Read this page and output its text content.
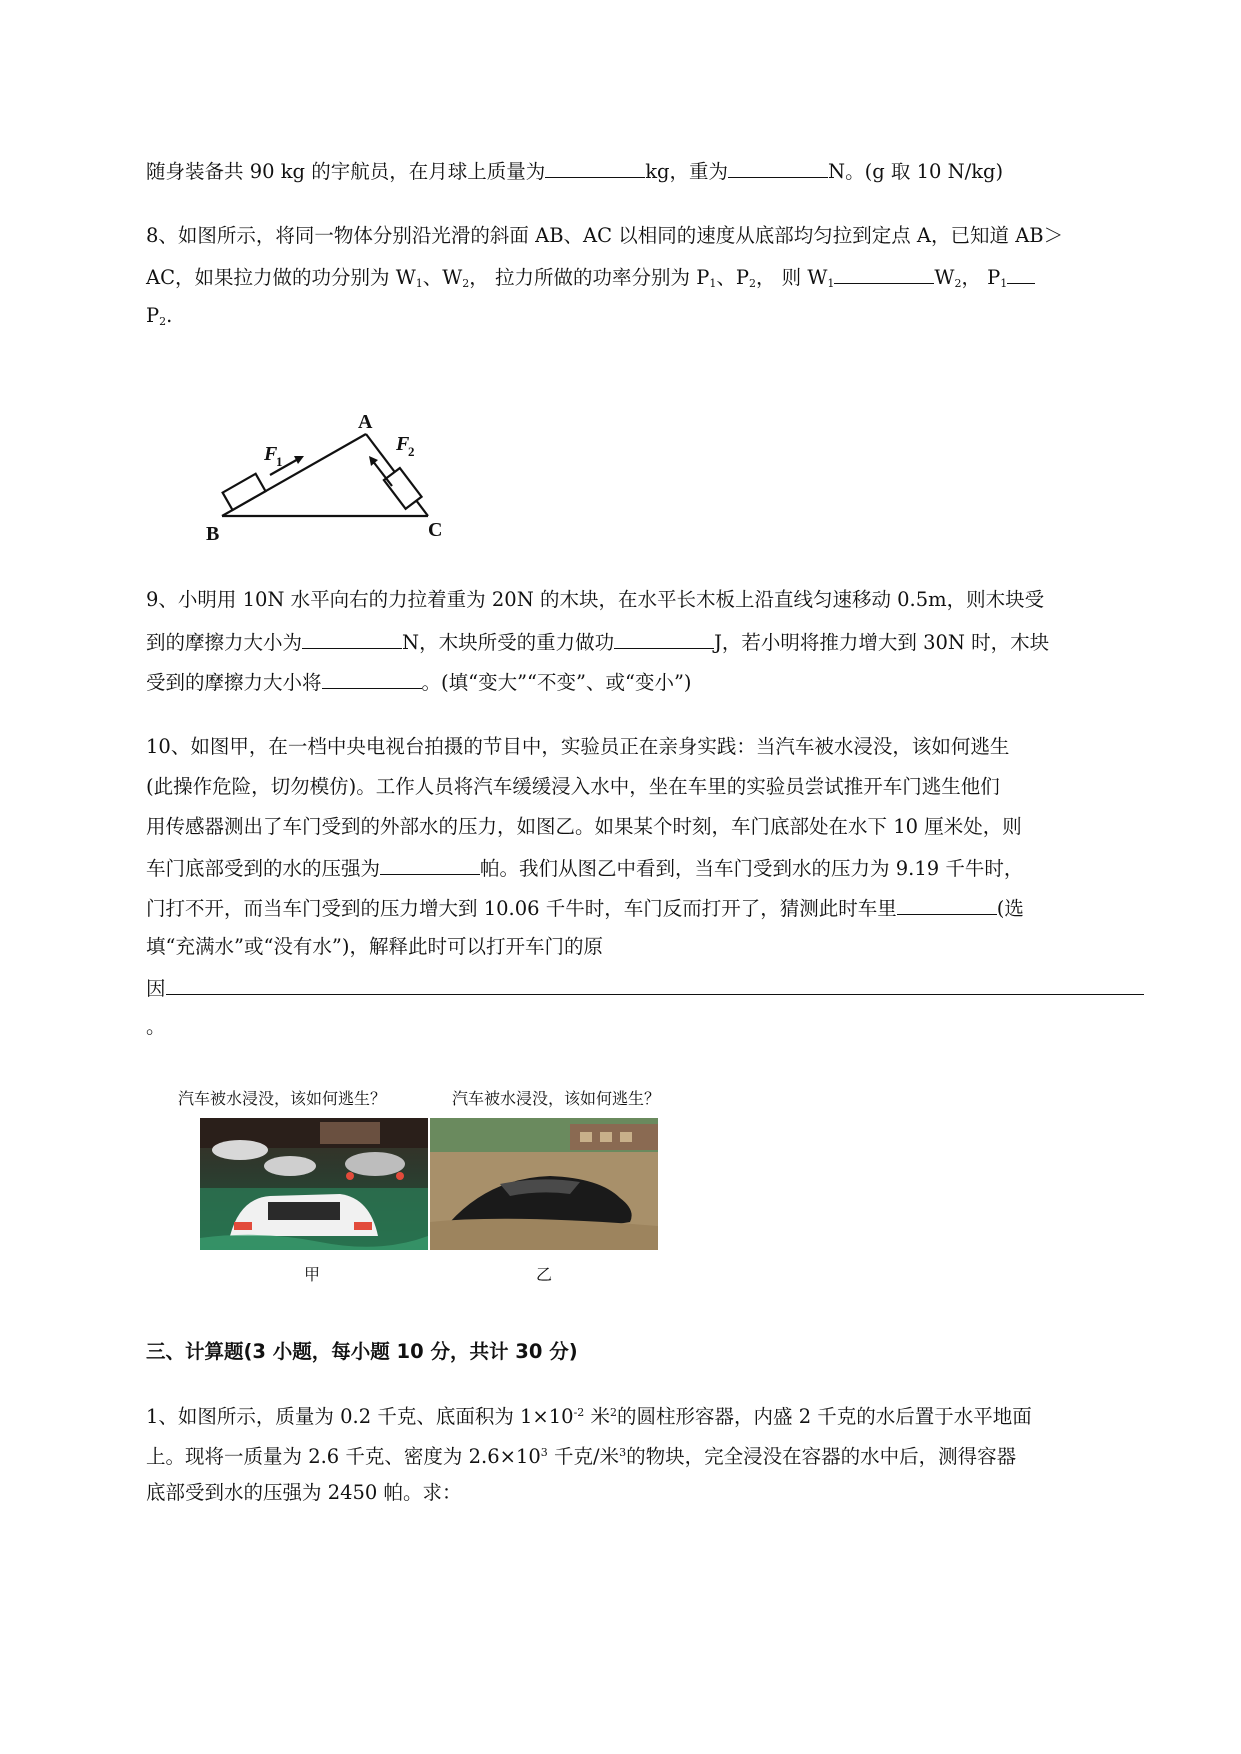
随身装备共 90 kg 的宇航员，在月球上质量为	kg，重为	N。(g 取 10 N/kg)
8、如图所示，将同一物体分别沿光滑的斜面 AB、AC 以相同的速度从底部均匀拉到定点 A，已知道 AB＞
AC，如果拉力做的功分别为 $W_1$、$W_2$， 拉力所做的功率分别为 $P_1$、$P_2$， 则 $W_1$	$W_2$， $P_1$
$P_2$.
A
B	C
F
1
F
2
9、小明用 10N 水平向右的力拉着重为 20N 的木块，在水平长木板上沿直线匀速移动 0.5m，则木块受
到的摩擦力大小为	N，木块所受的重力做功	J，若小明将推力增大到 30N 时，木块
受到的摩擦力大小将	。(填“变大”“不变”、或“变小”)
10、如图甲，在一档中央电视台拍摄的节目中，实验员正在亲身实践：当汽车被水浸没，该如何逃生
(此操作危险，切勿模仿)。工作人员将汽车缓缓浸入水中，坐在车里的实验员尝试推开车门逃生他们
用传感器测出了车门受到的外部水的压力，如图乙。如果某个时刻，车门底部处在水下 10 厘米处，则
车门底部受到的水的压强为	帕。我们从图乙中看到，当车门受到水的压力为 9.19 千牛时，
门打不开，而当车门受到的压力增大到 10.06 千牛时，车门反而打开了，猜测此时车里	(选
填“充满水”或“没有水”)，解释此时可以打开车门的原
因
。
汽车被水浸没，该如何逃生？	汽车被水浸没，该如何逃生？
甲	乙
三、计算题(3 小题，每小题 10 分，共计 30 分)
1、如图所示，质量为 0.2 千克、底面积为 $1\times 10^{-2}$ 米$^2$的圆柱形容器，内盛 2 千克的水后置于水平地面
上。现将一质量为 2.6 千克、密度为 $2.6\times 10^3$ 千克/米$^3$的物块，完全浸没在容器的水中后，测得容器
底部受到水的压强为 2450 帕。求：
